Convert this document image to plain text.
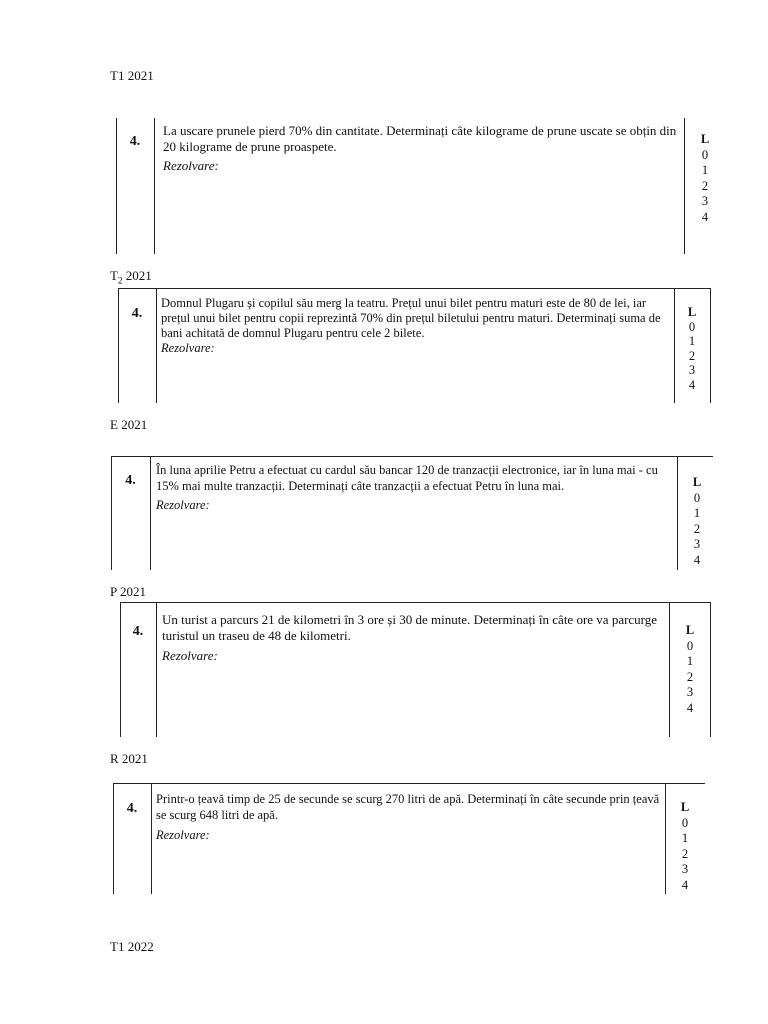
T1 2021
4.
La uscare prunele pierd 70% din cantitate. Determinați câte kilograme de prune uscate se obțin din 20 kilograme de prune proaspete.
Rezolvare:
L
0
1
2
3
4
$T_2$ 2021
4.
Domnul Plugaru și copilul său merg la teatru. Prețul unui bilet pentru maturi este de 80 de lei, iar prețul unui bilet pentru copii reprezintă 70% din prețul biletului pentru maturi. Determinați suma de bani achitată de domnul Plugaru pentru cele 2 bilete.
Rezolvare:
L
0
1
2
3
4
E 2021
4.
În luna aprilie Petru a efectuat cu cardul său bancar 120 de tranzacții electronice, iar în luna mai - cu 15% mai multe tranzacții. Determinați câte tranzacții a efectuat Petru în luna mai.
Rezolvare:
L
0
1
2
3
4
P 2021
4.
Un turist a parcurs 21 de kilometri în 3 ore și 30 de minute. Determinați în câte ore va parcurge turistul un traseu de 48 de kilometri.
Rezolvare:
L
0
1
2
3
4
R 2021
4.
Printr-o țeavă timp de 25 de secunde se scurg 270 litri de apă. Determinați în câte secunde prin țeavă se scurg 648 litri de apă.
Rezolvare:
L
0
1
2
3
4
T1 2022
